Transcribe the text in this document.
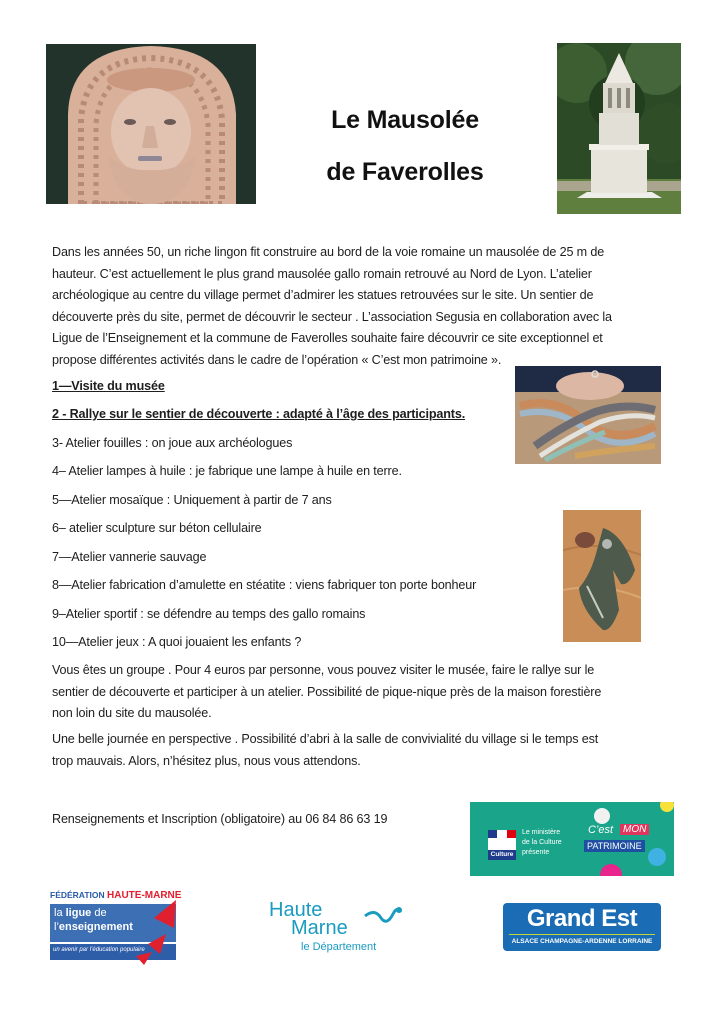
Le Mausolée
de Faverolles
Dans les années 50, un riche lingon fit construire au bord de la voie romaine un mausolée de 25 m de
hauteur. C’est actuellement le plus grand mausolée gallo romain retrouvé au Nord de Lyon. L’atelier
archéologique au centre du village permet d’admirer les statues retrouvées sur le site. Un sentier de
découverte près du site, permet de découvrir le secteur . L’association Segusia en collaboration avec la
Ligue de l’Enseignement et la commune de Faverolles souhaite faire découvrir ce site exceptionnel et
propose différentes activités dans le cadre de l’opération « C’est mon patrimoine ».
1—Visite du musée
2 - Rallye sur le sentier de découverte : adapté à l’âge des participants.
3- Atelier fouilles : on joue aux archéologues
4– Atelier lampes à huile : je fabrique une lampe à huile en terre.
5—Atelier mosaïque : Uniquement à partir de 7 ans
6– atelier sculpture sur béton cellulaire
7—Atelier vannerie sauvage
8—Atelier fabrication d’amulette en stéatite : viens fabriquer ton porte bonheur
9–Atelier sportif : se défendre au temps des gallo romains
10—Atelier jeux : A quoi jouaient les enfants ?
Vous êtes un groupe . Pour 4 euros par personne, vous pouvez visiter le musée, faire le rallye sur le
sentier de découverte et participer à un atelier. Possibilité de pique-nique près de la maison forestière
non loin du site du mausolée.
Une belle journée en perspective . Possibilité d’abri à la salle de convivialité du village si le temps est
trop mauvais. Alors, n’hésitez plus, nous vous attendons.
Renseignements et Inscription (obligatoire) au 06 84 86 63 19
Culture
Le ministère
de la Culture
présente
C’est MON
PATRIMOINE
FÉDÉRATION HAUTE-MARNE
la ligue de
l’enseignement
un avenir par l’éducation populaire
Haute
Marne
le Département
Grand Est
ALSACE CHAMPAGNE-ARDENNE LORRAINE
